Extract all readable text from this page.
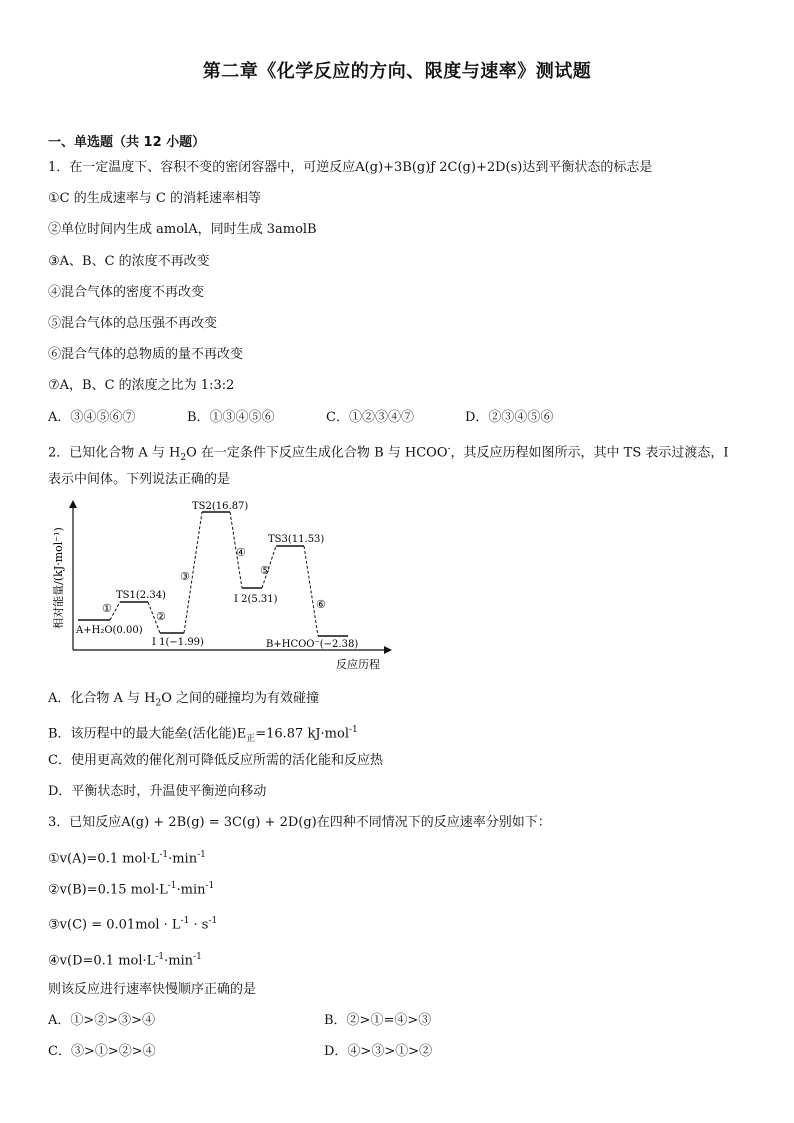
第二章《化学反应的方向、限度与速率》测试题
一、单选题（共 12 小题）
1．在一定温度下、容积不变的密闭容器中，可逆反应A(g)+3B(g)ƒ 2C(g)+2D(s)达到平衡状态的标志是
①C 的生成速率与 C 的消耗速率相等
②单位时间内生成 amolA，同时生成 3amolB
③A、B、C 的浓度不再改变
④混合气体的密度不再改变
⑤混合气体的总压强不再改变
⑥混合气体的总物质的量不再改变
⑦A，B、C 的浓度之比为 1:3:2
A．③④⑤⑥⑦	B．①③④⑤⑥	C．①②③④⑦	D．②③④⑤⑥
2．已知化合物 A 与 $H_2O$ 在一定条件下反应生成化合物 B 与 HCOO-，其反应历程如图所示，其中 TS 表示过渡态，I
表示中间体。下列说法正确的是
相对能量/(kJ·mol⁻¹)
反应历程
①
②
③
④
⑤
⑥
A+H₂O(0.00)
TS1(2.34)
I 1(−1.99)
TS2(16.87)
I 2(5.31)
TS3(11.53)
B+HCOO⁻(−2.38)
A．化合物 A 与 $H_2O$ 之间的碰撞均为有效碰撞
B．该历程中的最大能垒(活化能)$E_正=16.87$ kJ·mol$^{-1}$
C．使用更高效的催化剂可降低反应所需的活化能和反应热
D．平衡状态时，升温使平衡逆向移动
3．已知反应A(g) + 2B(g) = 3C(g) + 2D(g)在四种不同情况下的反应速率分别如下：
①v(A)=0.1 $mol\cdot L^{-1}\cdot\min^{-1}$
②v(B)=0.15 $mol\cdot L^{-1}\cdot\min^{-1}$
③v(C) = $0.01mol \cdot L^{-1} \cdot s^{-1}$
④v(D=0.1 $mol\cdot L^{-1}\cdot\min^{-1}$
则该反应进行速率快慢顺序正确的是
A．①>②>③>④	B．②>①=④>③
C．③>①>②>④	D．④>③>①>②
